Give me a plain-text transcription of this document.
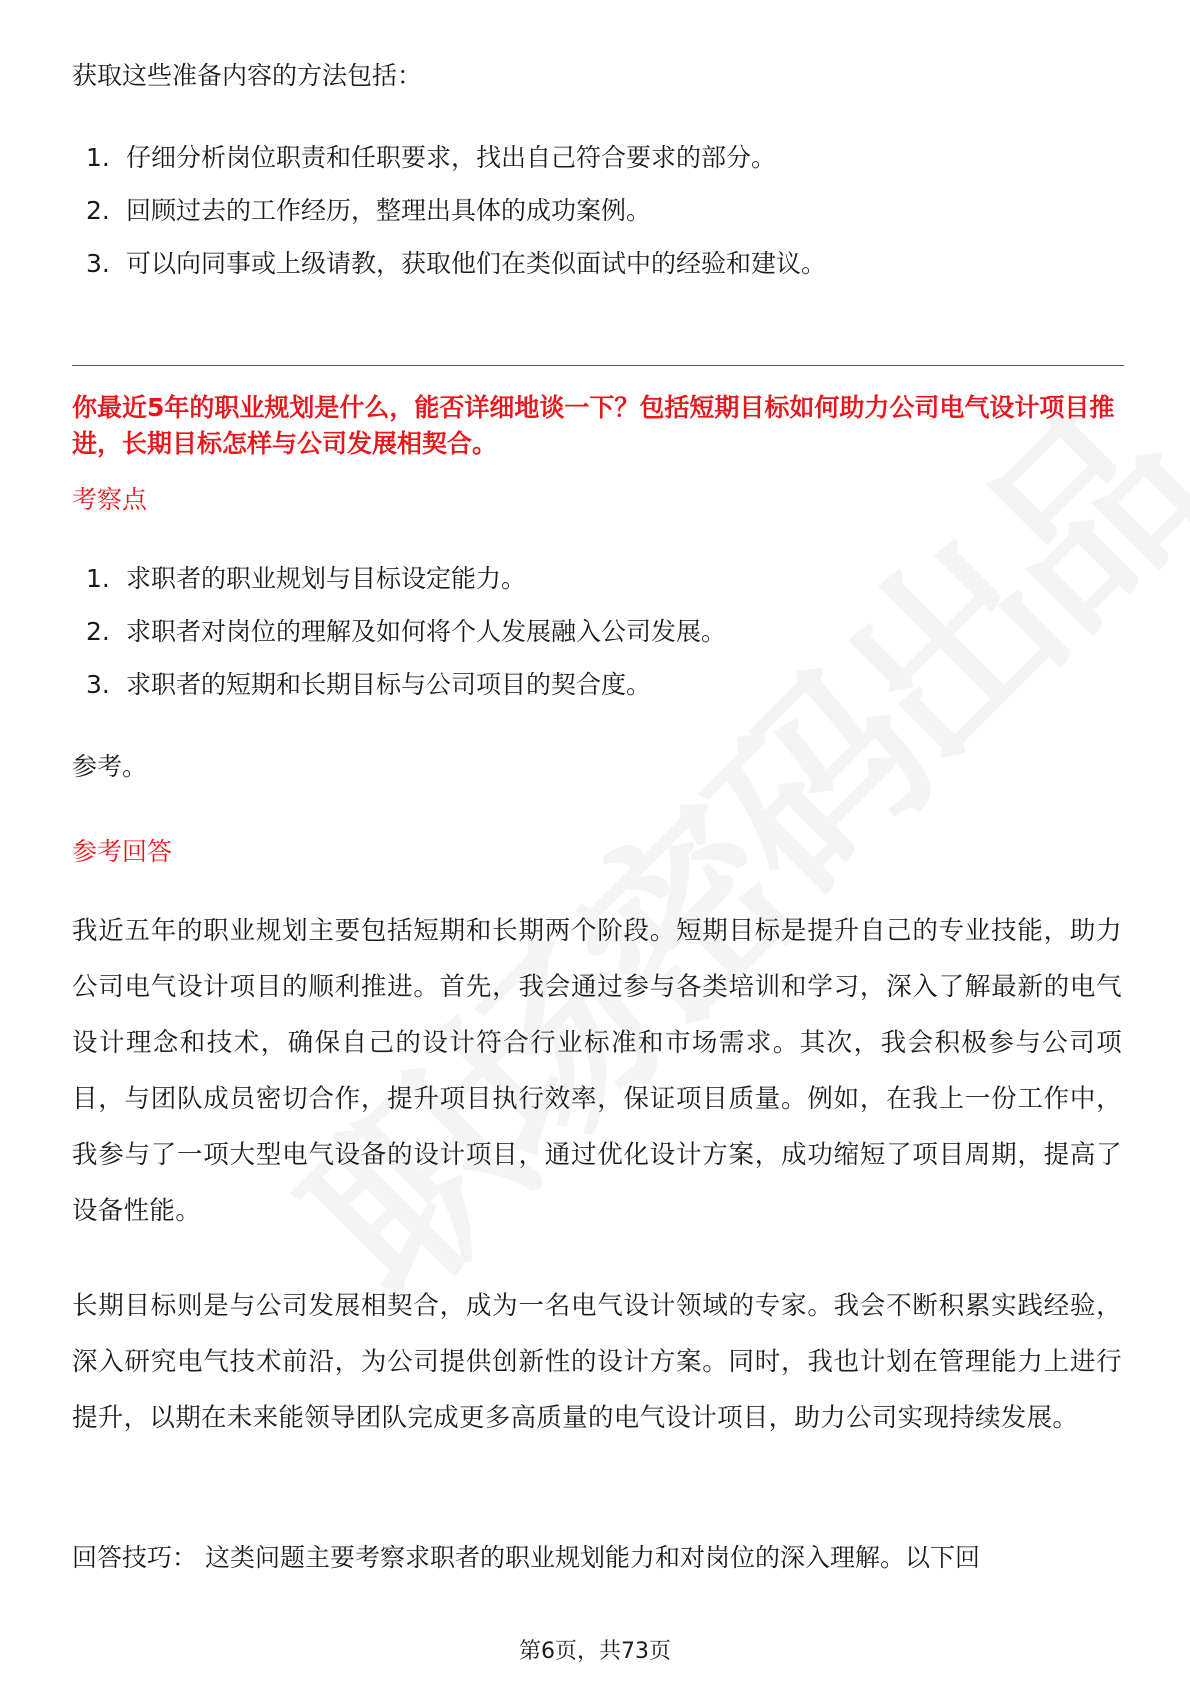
获取这些准备内容的方法包括：
1. 仔细分析岗位职责和任职要求，找出自己符合要求的部分。
2. 回顾过去的工作经历，整理出具体的成功案例。
3. 可以向同事或上级请教，获取他们在类似面试中的经验和建议。
你最近5年的职业规划是什么，能否详细地谈一下？包括短期目标如何助力公司电气设计项目推进，长期目标怎样与公司发展相契合。
考察点
1. 求职者的职业规划与目标设定能力。
2. 求职者对岗位的理解及如何将个人发展融入公司发展。
3. 求职者的短期和长期目标与公司项目的契合度。
参考。
参考回答
我近五年的职业规划主要包括短期和长期两个阶段。短期目标是提升自己的专业技能，助力公司电气设计项目的顺利推进。首先，我会通过参与各类培训和学习，深入了解最新的电气设计理念和技术，确保自己的设计符合行业标准和市场需求。其次，我会积极参与公司项目，与团队成员密切合作，提升项目执行效率，保证项目质量。例如，在我上一份工作中，我参与了一项大型电气设备的设计项目，通过优化设计方案，成功缩短了项目周期，提高了设备性能。
长期目标则是与公司发展相契合，成为一名电气设计领域的专家。我会不断积累实践经验，深入研究电气技术前沿，为公司提供创新性的设计方案。同时，我也计划在管理能力上进行提升，以期在未来能领导团队完成更多高质量的电气设计项目，助力公司实现持续发展。
回答技巧： 这类问题主要考察求职者的职业规划能力和对岗位的深入理解。以下回
第6页，共73页
